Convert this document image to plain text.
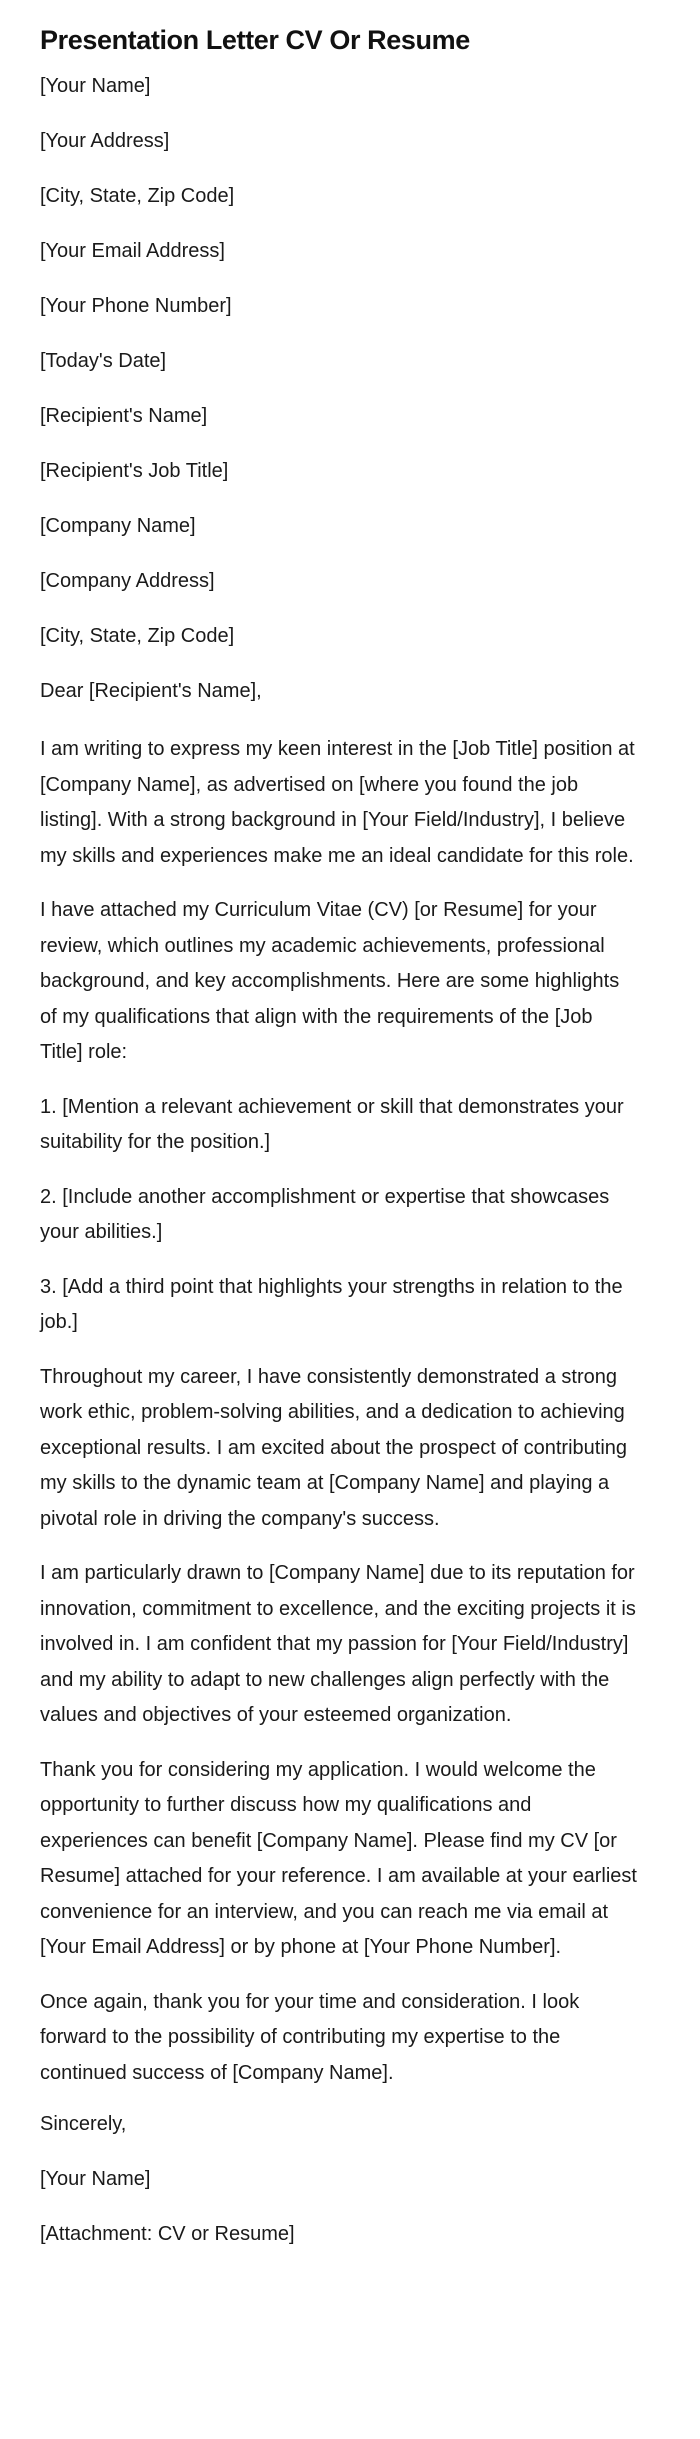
Presentation Letter CV Or Resume

[Your Name]

[Your Address]

[City, State, Zip Code]

[Your Email Address]

[Your Phone Number]

[Today's Date]

[Recipient's Name]

[Recipient's Job Title]

[Company Name]

[Company Address]

[City, State, Zip Code]

Dear [Recipient's Name],

I am writing to express my keen interest in the [Job Title] position at [Company Name], as advertised on [where you found the job listing]. With a strong background in [Your Field/Industry], I believe my skills and experiences make me an ideal candidate for this role.

I have attached my Curriculum Vitae (CV) [or Resume] for your review, which outlines my academic achievements, professional background, and key accomplishments. Here are some highlights of my qualifications that align with the requirements of the [Job Title] role:

1. [Mention a relevant achievement or skill that demonstrates your suitability for the position.]

2. [Include another accomplishment or expertise that showcases your abilities.]

3. [Add a third point that highlights your strengths in relation to the job.]

Throughout my career, I have consistently demonstrated a strong work ethic, problem-solving abilities, and a dedication to achieving exceptional results. I am excited about the prospect of contributing my skills to the dynamic team at [Company Name] and playing a pivotal role in driving the company's success.

I am particularly drawn to [Company Name] due to its reputation for innovation, commitment to excellence, and the exciting projects it is involved in. I am confident that my passion for [Your Field/Industry] and my ability to adapt to new challenges align perfectly with the values and objectives of your esteemed organization.

Thank you for considering my application. I would welcome the opportunity to further discuss how my qualifications and experiences can benefit [Company Name]. Please find my CV [or Resume] attached for your reference. I am available at your earliest convenience for an interview, and you can reach me via email at [Your Email Address] or by phone at [Your Phone Number].

Once again, thank you for your time and consideration. I look forward to the possibility of contributing my expertise to the continued success of [Company Name].

Sincerely,

[Your Name]

[Attachment: CV or Resume]
